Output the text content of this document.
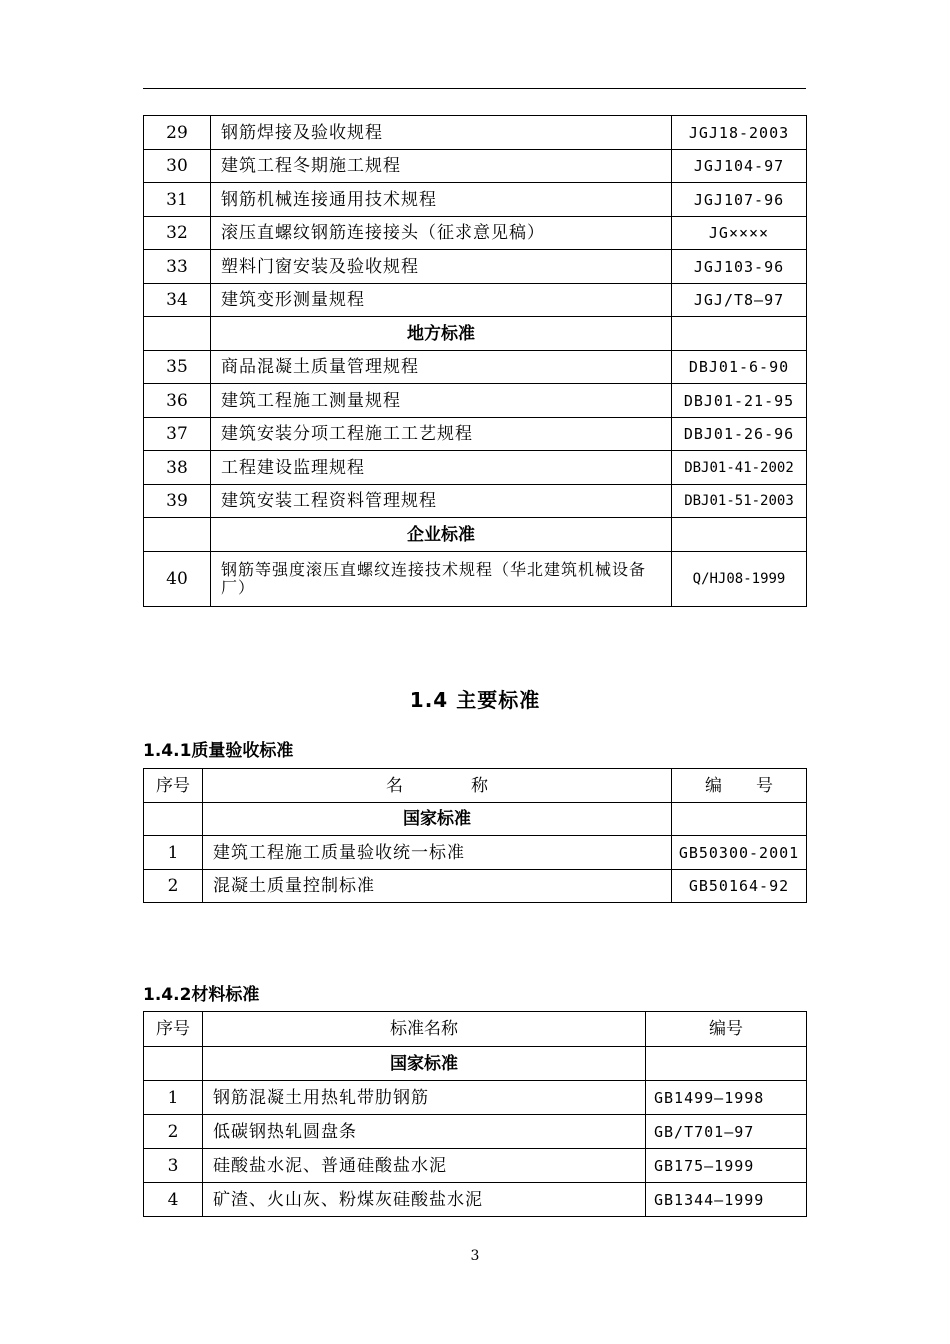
29	钢筋焊接及验收规程	JGJ18-2003
30	建筑工程冬期施工规程	JGJ104-97
31	钢筋机械连接通用技术规程	JGJ107-96
32	滚压直螺纹钢筋连接接头（征求意见稿）	JG××××
33	塑料门窗安装及验收规程	JGJ103-96
34	建筑变形测量规程	JGJ/T8—97
	地方标准	
35	商品混凝土质量管理规程	DBJ01-6-90
36	建筑工程施工测量规程	DBJ01-21-95
37	建筑安装分项工程施工工艺规程	DBJ01-26-96
38	工程建设监理规程	DBJ01-41-2002
39	建筑安装工程资料管理规程	DBJ01-51-2003
	企业标准	
40	钢筋等强度滚压直螺纹连接技术规程（华北建筑机械设备厂）	Q/HJ08-1999
1.4 主要标准
1.4.1质量验收标准
序号	名　　　　称	编　　号
	国家标准	
1	建筑工程施工质量验收统一标准	GB50300-2001
2	混凝土质量控制标准	GB50164-92
1.4.2材料标准
序号	标准名称	编号
	国家标准	
1	钢筋混凝土用热轧带肋钢筋	GB1499—1998
2	低碳钢热轧圆盘条	GB/T701—97
3	硅酸盐水泥、普通硅酸盐水泥	GB175—1999
4	矿渣、火山灰、粉煤灰硅酸盐水泥	GB1344—1999
3
